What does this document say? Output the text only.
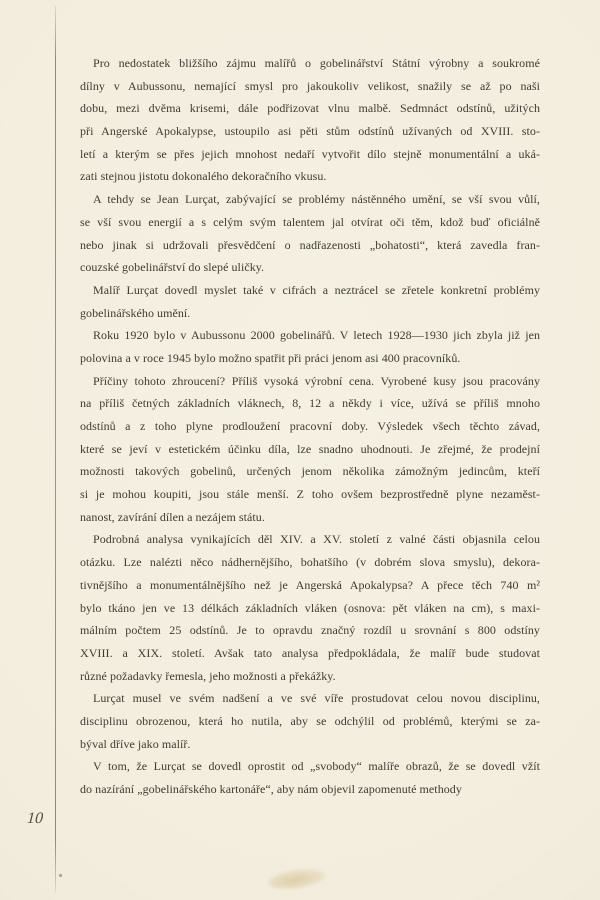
Pro nedostatek bližšího zájmu malířů o gobelinářství Státní výrobny a soukromé
dílny v Aubussonu, nemající smysl pro jakoukoliv velikost, snažily se až po naši
dobu, mezi dvěma krisemi, dále podřizovat vlnu malbě. Sedmnáct odstínů, užitých
při Angerské Apokalypse, ustoupilo asi pěti stům odstínů užívaných od XVIII. sto-
letí a kterým se přes jejich mnohost nedaří vytvořit dílo stejně monumentální a uká-
zati stejnou jistotu dokonalého dekoračního vkusu.
A tehdy se Jean Lurçat, zabývající se problémy nástěnného umění, se vší svou vůlí,
se vší svou energií a s celým svým talentem jal otvírat oči těm, kdož buď oficiálně
nebo jinak si udržovali přesvědčení o nadřazenosti „bohatosti“, která zavedla fran-
couzské gobelinářství do slepé uličky.
Malíř Lurçat dovedl myslet také v cifrách a neztrácel se zřetele konkretní problémy
gobelinářského umění.
Roku 1920 bylo v Aubussonu 2000 gobelinářů. V letech 1928—1930 jich zbyla již jen
polovina a v roce 1945 bylo možno spatřit při práci jenom asi 400 pracovníků.
Příčiny tohoto zhroucení? Příliš vysoká výrobní cena. Vyrobené kusy jsou pracovány
na příliš četných základních vláknech, 8, 12 a někdy i více, užívá se příliš mnoho
odstínů a z toho plyne prodloužení pracovní doby. Výsledek všech těchto závad,
které se jeví v estetickém účinku díla, lze snadno uhodnouti. Je zřejmé, že prodejní
možnosti takových gobelinů, určených jenom několika zámožným jedincům, kteří
si je mohou koupiti, jsou stále menší. Z toho ovšem bezprostředně plyne nezaměst-
nanost, zavírání dílen a nezájem státu.
Podrobná analysa vynikajících děl XIV. a XV. století z valné části objasnila celou
otázku. Lze nalézti něco nádhernějšího, bohatšího (v dobrém slova smyslu), dekora-
tivnějšího a monumentálnějšího než je Angerská Apokalypsa? A přece těch 740 m²
bylo tkáno jen ve 13 délkách základních vláken (osnova: pět vláken na cm), s maxi-
málním počtem 25 odstínů. Je to opravdu značný rozdíl u srovnání s 800 odstíny
XVIII. a XIX. století. Avšak tato analysa předpokládala, že malíř bude studovat
různé požadavky řemesla, jeho možnosti a překážky.
Lurçat musel ve svém nadšení a ve své víře prostudovat celou novou disciplinu,
disciplinu obrozenou, která ho nutila, aby se odchýlil od problémů, kterými se za-
býval dříve jako malíř.
V tom, že Lurçat se dovedl oprostit od „svobody“ malíře obrazů, že se dovedl vžít
do nazírání „gobelinářského kartonáře“, aby nám objevil zapomenuté methody
10
